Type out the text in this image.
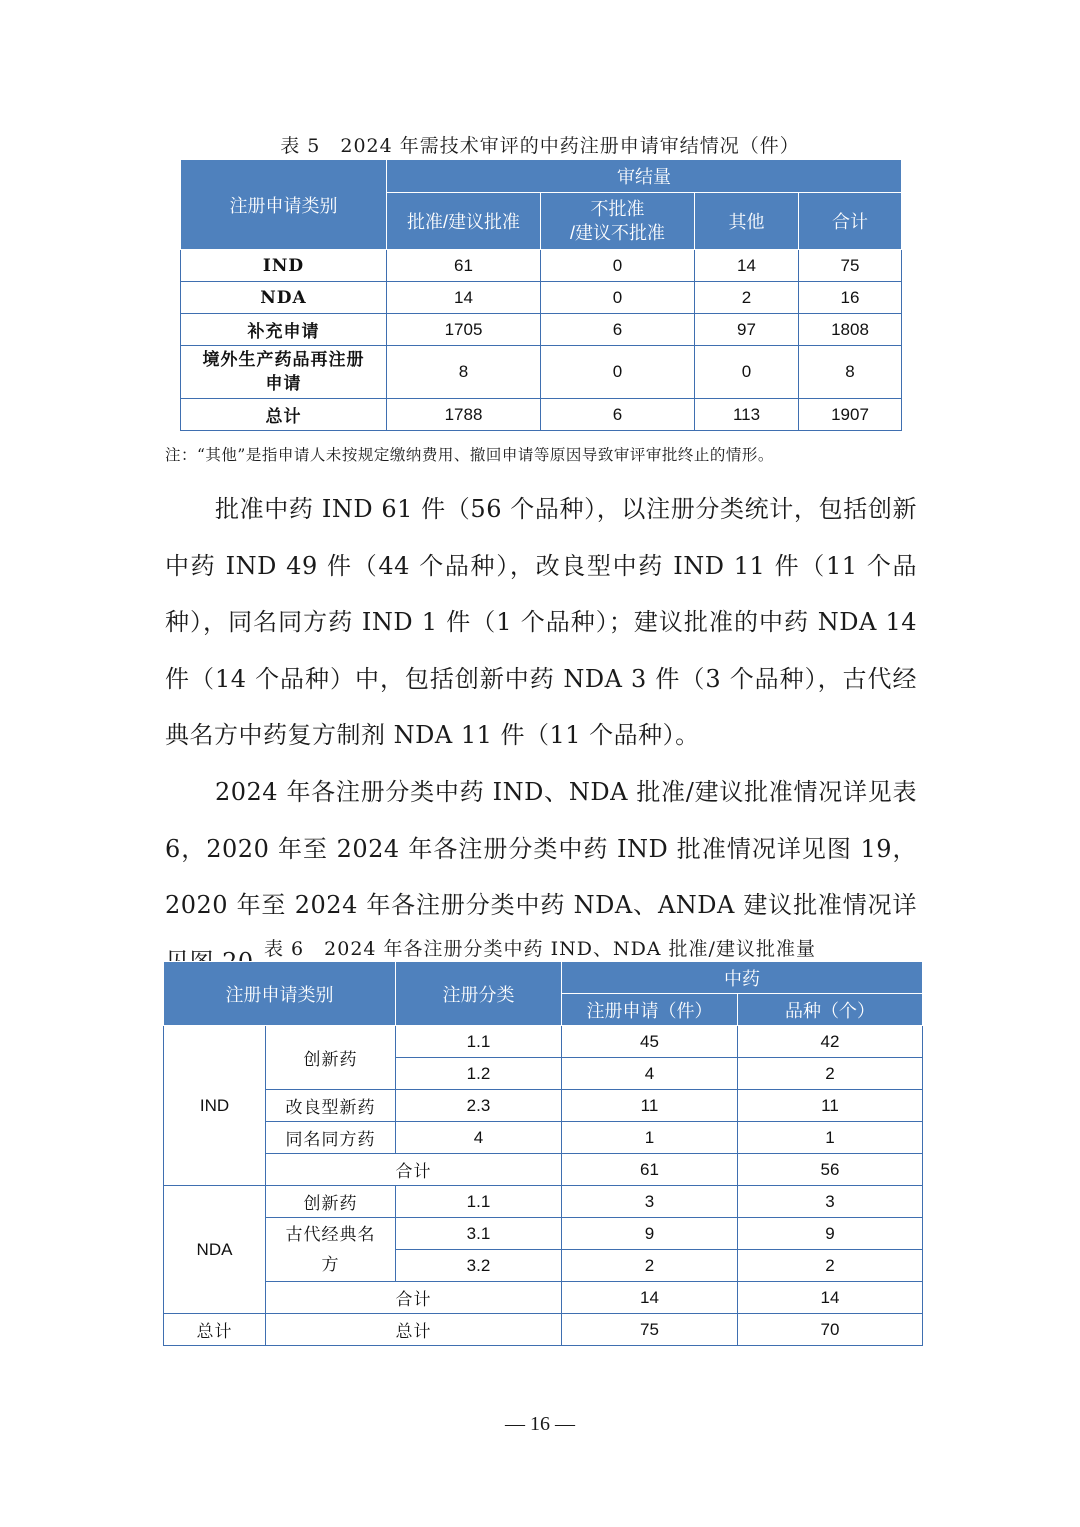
表 5　2024 年需技术审评的中药注册申请审结情况（件）
注册申请类别	审结量			
	批准/建议批准	不批准
/建议不批准	其他	合计
IND	61	0	14	75
NDA	14	0	2	16
补充申请	1705	6	97	1808
境外生产药品再注册
申请	8	0	0	8
总计	1788	6	113	1907
注：“其他”是指申请人未按规定缴纳费用、撤回申请等原因导致审评审批终止的情形。
批准中药 IND 61 件（56 个品种），以注册分类统计，包括创新中药 IND 49 件（44 个品种），改良型中药 IND 11 件（11 个品种），同名同方药 IND 1 件（1 个品种）；建议批准的中药 NDA 14 件（14 个品种）中，包括创新中药 NDA 3 件（3 个品种），古代经典名方中药复方制剂 NDA 11 件（11 个品种）。
2024 年各注册分类中药 IND、NDA 批准/建议批准情况详见表 6，2020 年至 2024 年各注册分类中药 IND 批准情况详见图 19，2020 年至 2024 年各注册分类中药 NDA、ANDA 建议批准情况详
表 6　2024 年各注册分类中药 IND、NDA 批准/建议批准量
注册申请类别		注册分类	中药	
			注册申请（件）	品种（个）
IND	创新药	1.1	45	42
		1.2	4	2
	改良型新药	2.3	11	11
	同名同方药	4	1	1
	合计		61	56
NDA	创新药	1.1	3	3
	古代经典名
方	3.1	9	9
		3.2	2	2
	合计		14	14
总计	总计		75	70
— 16 —
